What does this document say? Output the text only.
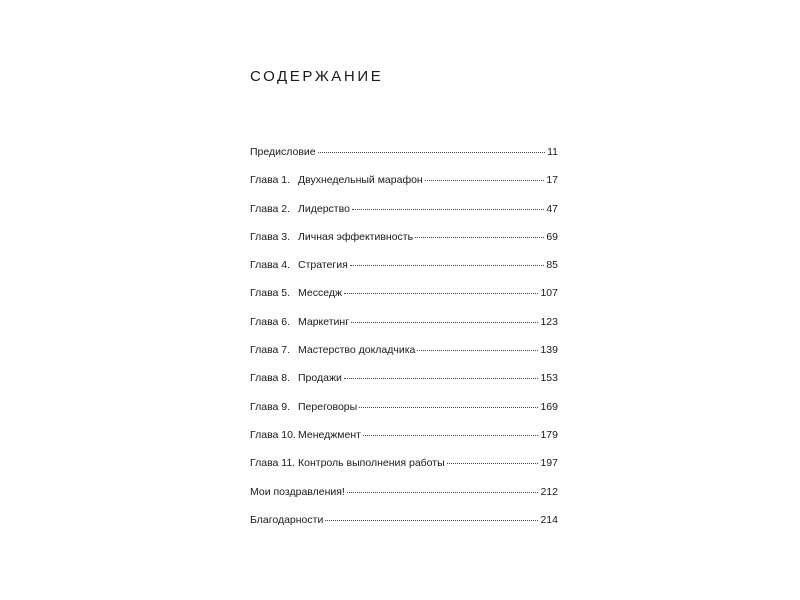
СОДЕРЖАНИЕ
Предисловие	11
Глава 1. Двухнедельный марафон	17
Глава 2. Лидерство	47
Глава 3. Личная эффективность	69
Глава 4. Стратегия	85
Глава 5. Месседж	107
Глава 6. Маркетинг	123
Глава 7. Мастерство докладчика	139
Глава 8. Продажи	153
Глава 9. Переговоры	169
Глава 10. Менеджмент	179
Глава 11. Контроль выполнения работы	197
Мои поздравления!	212
Благодарности	214
